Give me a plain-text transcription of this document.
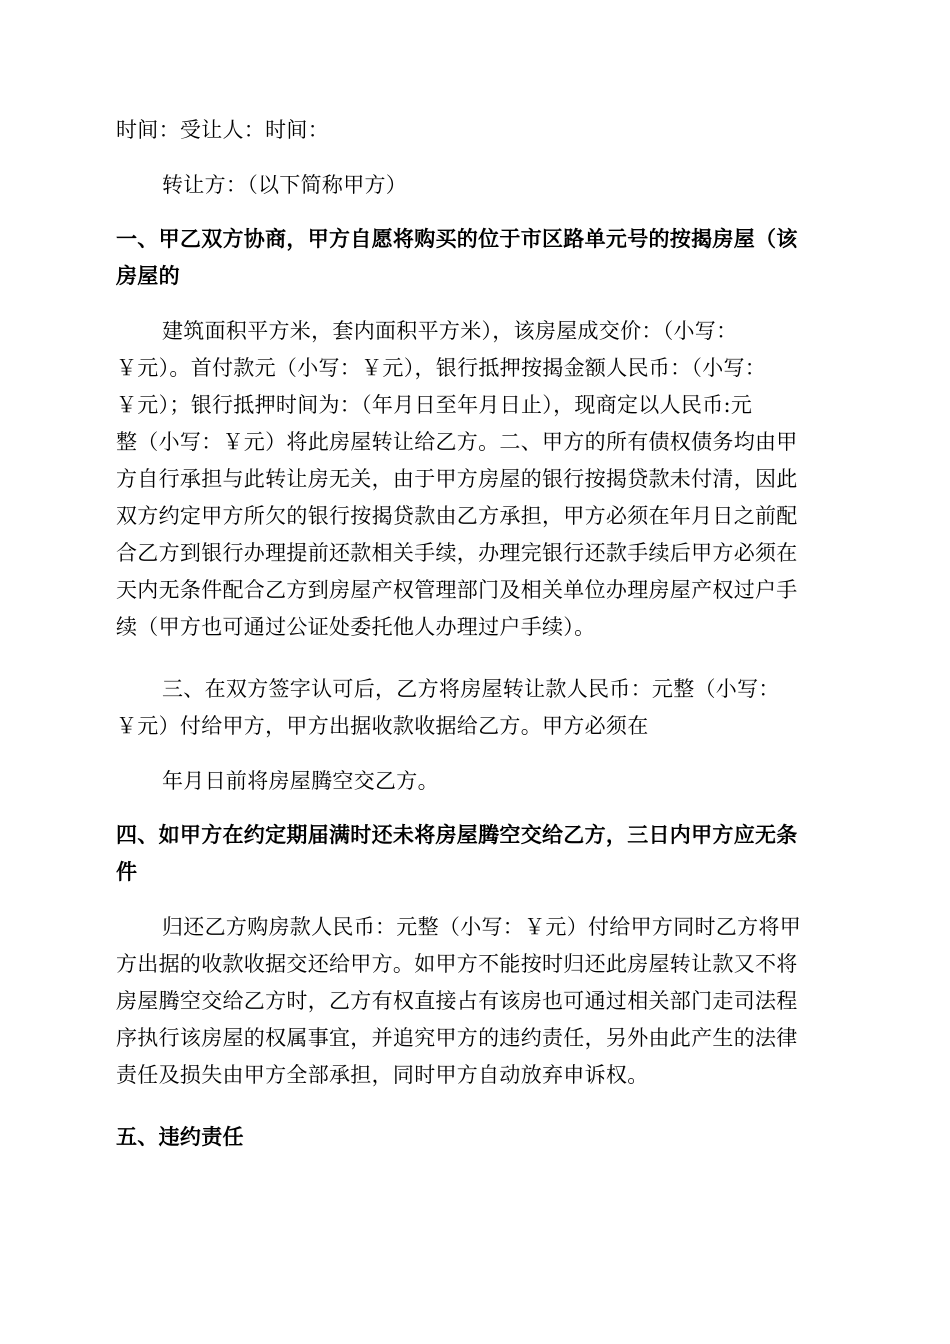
时间：受让人：时间：
转让方：（以下简称甲方）
一、甲乙双方协商，甲方自愿将购买的位于市区路单元号的按揭房屋（该
房屋的
建筑面积平方米，套内面积平方米），该房屋成交价：（小写：
￥元）。首付款元（小写：￥元），银行抵押按揭金额人民币：（小写：
￥元）；银行抵押时间为：（年月日至年月日止），现商定以人民币:元
整（小写：￥元）将此房屋转让给乙方。二、甲方的所有债权债务均由甲
方自行承担与此转让房无关，由于甲方房屋的银行按揭贷款未付清，因此
双方约定甲方所欠的银行按揭贷款由乙方承担，甲方必须在年月日之前配
合乙方到银行办理提前还款相关手续，办理完银行还款手续后甲方必须在
天内无条件配合乙方到房屋产权管理部门及相关单位办理房屋产权过户手
续（甲方也可通过公证处委托他人办理过户手续）。
三、在双方签字认可后，乙方将房屋转让款人民币：元整（小写：
￥元）付给甲方，甲方出据收款收据给乙方。甲方必须在
年月日前将房屋腾空交乙方。
四、如甲方在约定期届满时还未将房屋腾空交给乙方，三日内甲方应无条
件
归还乙方购房款人民币：元整（小写：￥元）付给甲方同时乙方将甲
方出据的收款收据交还给甲方。如甲方不能按时归还此房屋转让款又不将
房屋腾空交给乙方时，乙方有权直接占有该房也可通过相关部门走司法程
序执行该房屋的权属事宜，并追究甲方的违约责任，另外由此产生的法律
责任及损失由甲方全部承担，同时甲方自动放弃申诉权。
五、违约责任
